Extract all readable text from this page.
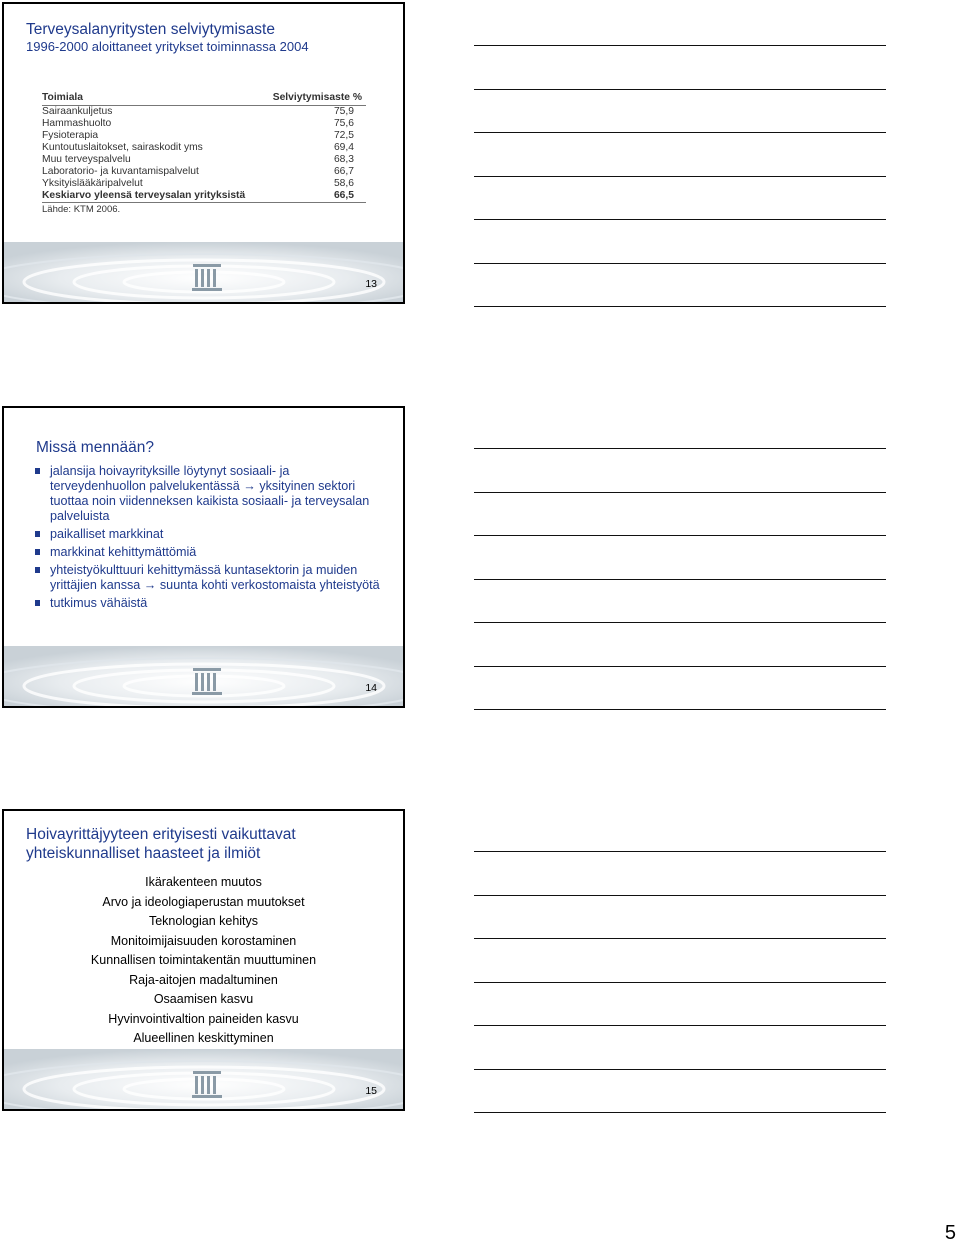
Terveysalanyritysten selviytymisaste
1996-2000 aloittaneet yritykset toiminnassa 2004
Toimiala	Selviytymisaste %
Sairaankuljetus	75,9
Hammashuolto	75,6
Fysioterapia	72,5
Kuntoutuslaitokset, sairaskodit yms	69,4
Muu terveyspalvelu	68,3
Laboratorio- ja kuvantamispalvelut	66,7
Yksityislääkäripalvelut	58,6
Keskiarvo yleensä terveysalan yrityksistä	66,5
Lähde: KTM 2006.
13
Missä mennään?
jalansija hoivayrityksille löytynyt sosiaali- ja terveydenhuollon palvelukentässä → yksityinen sektori tuottaa noin viidenneksen kaikista sosiaali- ja terveysalan palveluista
paikalliset markkinat
markkinat kehittymättömiä
yhteistyökulttuuri kehittymässä kuntasektorin ja muiden yrittäjien kanssa → suunta kohti verkostomaista yhteistyötä
tutkimus vähäistä
14
Hoivayrittäjyyteen erityisesti vaikuttavat yhteiskunnalliset haasteet ja ilmiöt
Ikärakenteen muutos
Arvo ja ideologiaperustan muutokset
Teknologian kehitys
Monitoimijaisuuden korostaminen
Kunnallisen toimintakentän muuttuminen
Raja-aitojen madaltuminen
Osaamisen kasvu
Hyvinvointivaltion paineiden kasvu
Alueellinen keskittyminen
15
5
